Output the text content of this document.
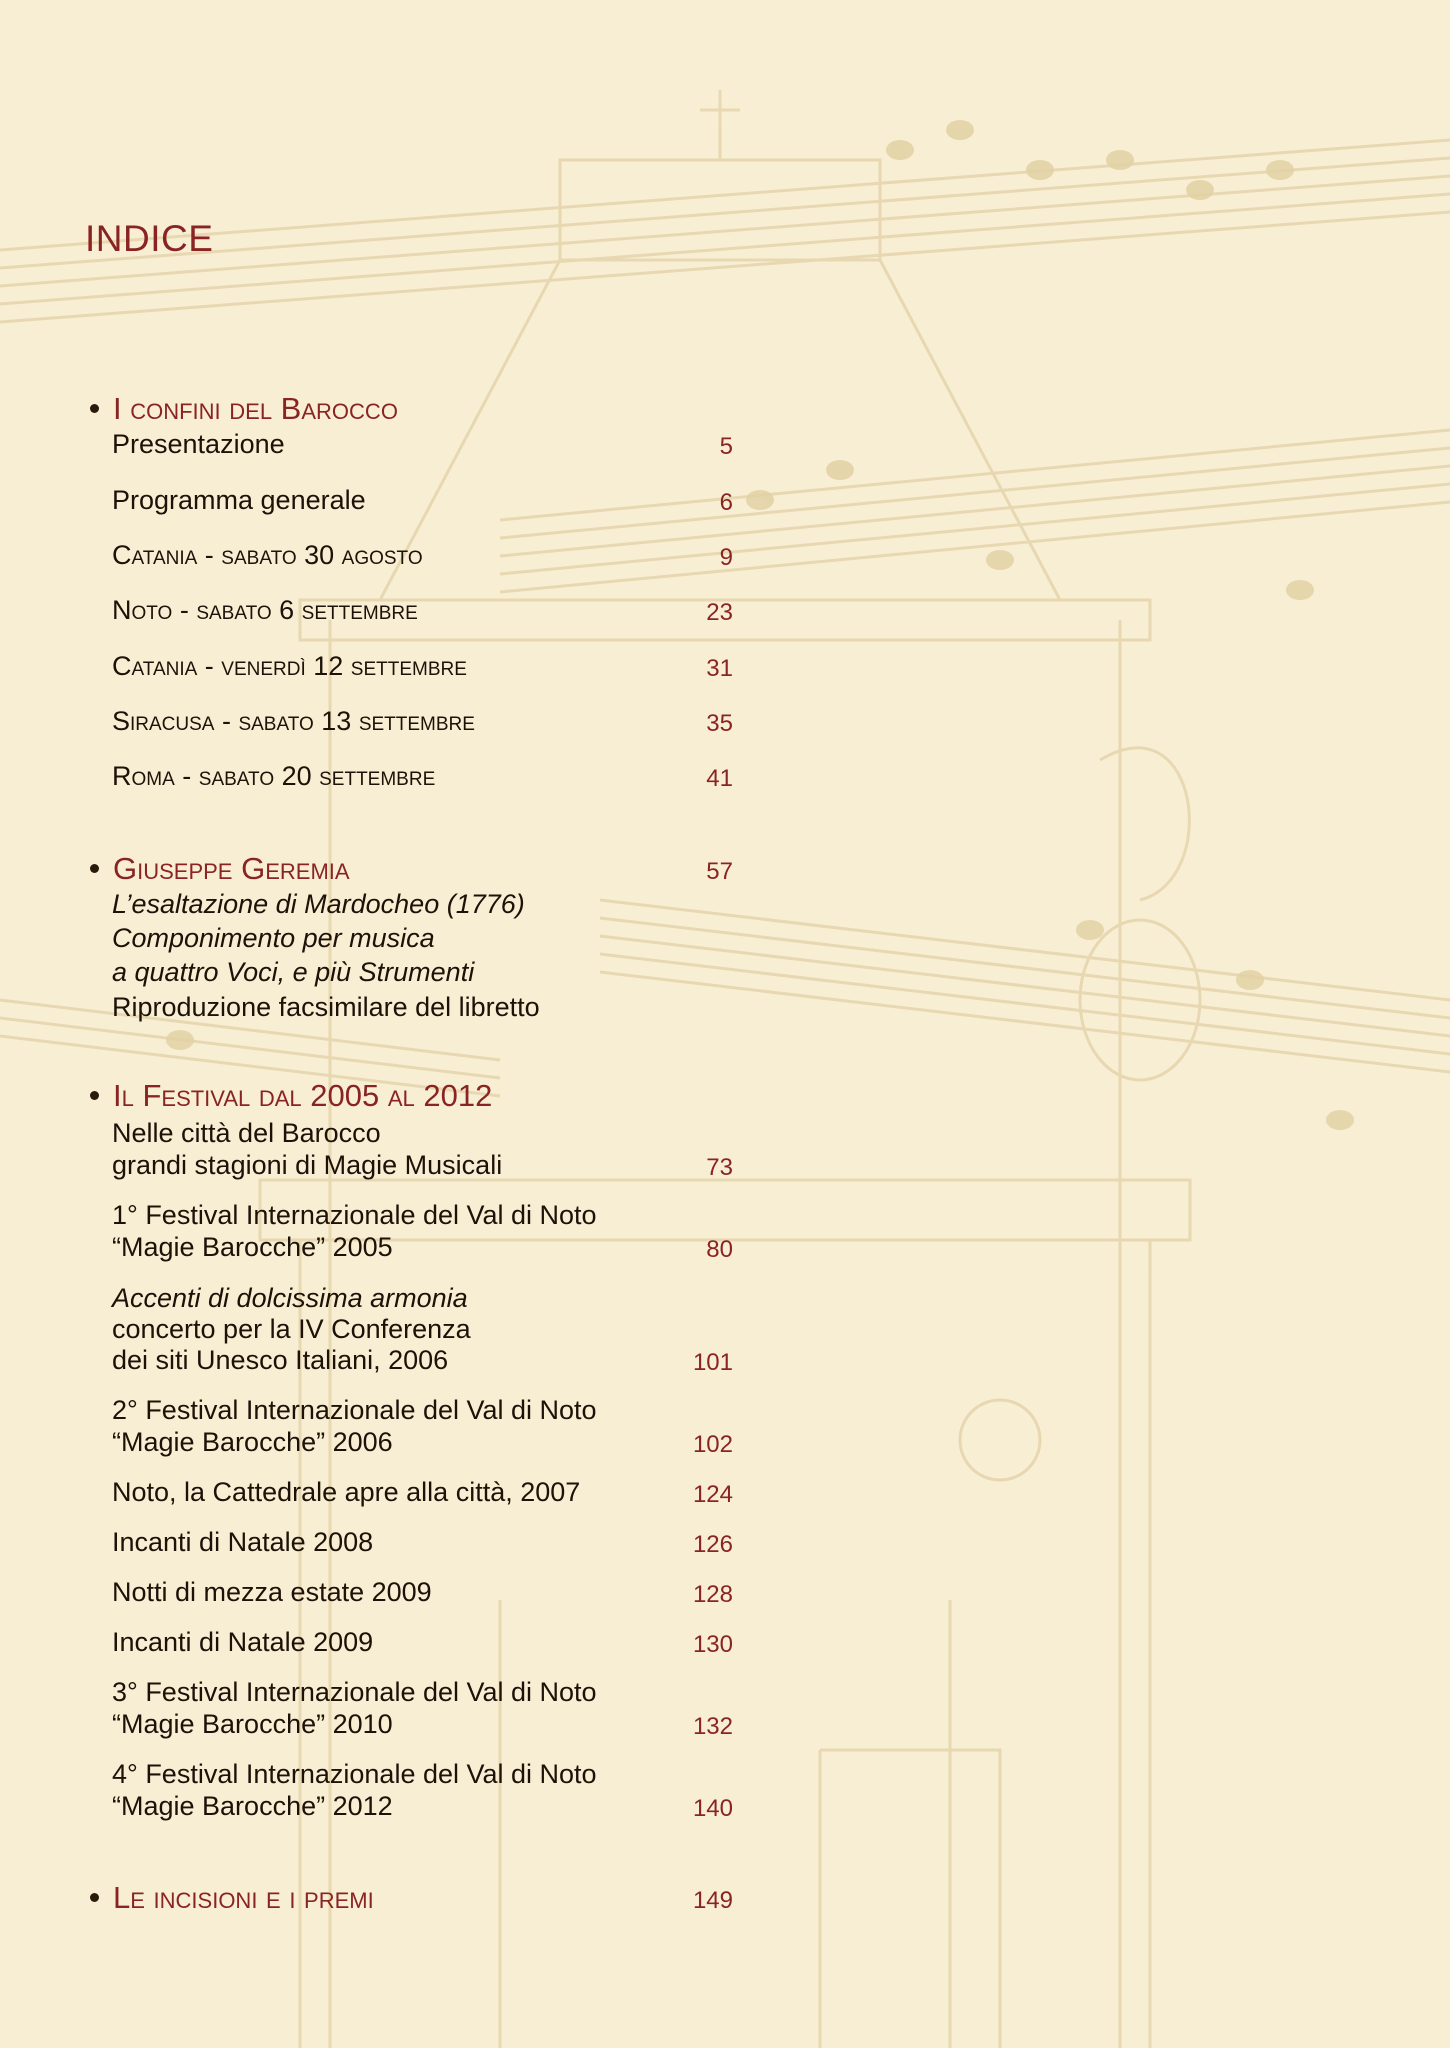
INDICE
I confini del Barocco
Presentazione	5
Programma generale	6
Catania - sabato 30 agosto	9
Noto - sabato 6 settembre	23
Catania - venerdì 12 settembre	31
Siracusa - sabato 13 settembre	35
Roma - sabato 20 settembre	41
Giuseppe Geremia	57
L’esaltazione di Mardocheo (1776)
Componimento per musica
a quattro Voci, e più Strumenti
Riproduzione facsimilare del libretto
Il Festival dal 2005 al 2012
Nelle città del Barocco
grandi stagioni di Magie Musicali	73
1° Festival Internazionale del Val di Noto
“Magie Barocche” 2005	80
Accenti di dolcissima armonia
concerto per la IV Conferenza
dei siti Unesco Italiani, 2006	101
2° Festival Internazionale del Val di Noto
“Magie Barocche” 2006	102
Noto, la Cattedrale apre alla città, 2007	124
Incanti di Natale 2008	126
Notti di mezza estate 2009	128
Incanti di Natale 2009	130
3° Festival Internazionale del Val di Noto
“Magie Barocche” 2010	132
4° Festival Internazionale del Val di Noto
“Magie Barocche” 2012	140
Le incisioni e i premi	149
